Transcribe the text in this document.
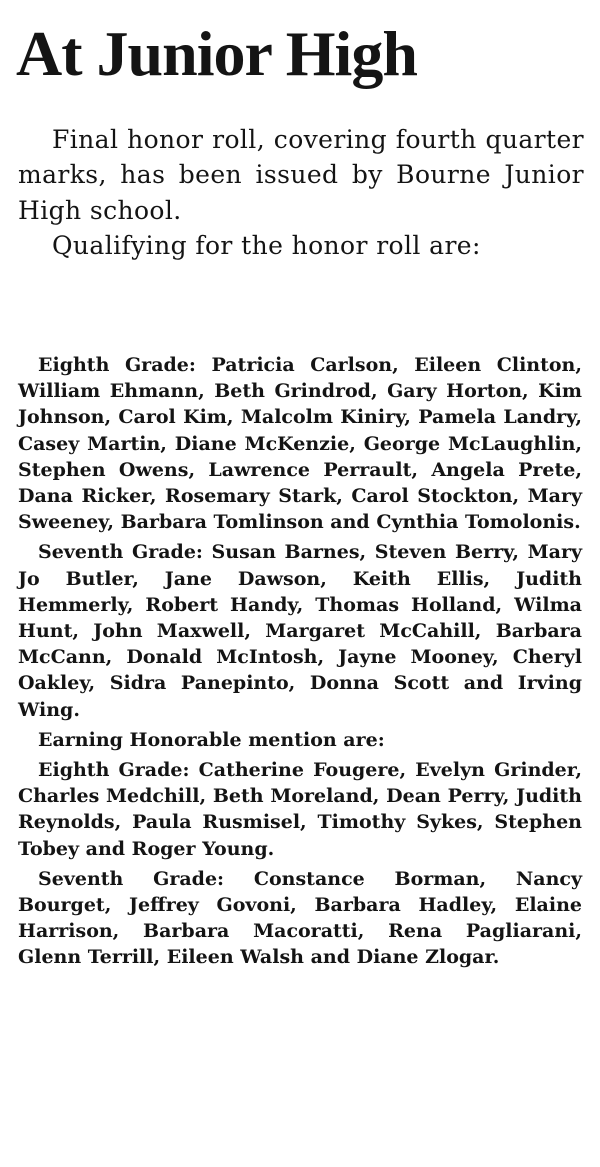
At Junior High

Final honor roll, covering fourth quarter marks, has been issued by Bourne Junior High school.

Qualifying for the honor roll are:

Eighth Grade: Patricia Carlson, Eileen Clinton, William Ehmann, Beth Grindrod, Gary Horton, Kim Johnson, Carol Kim, Malcolm Kiniry, Pamela Landry, Casey Martin, Diane McKenzie, George McLaughlin, Stephen Owens, Lawrence Perrault, Angela Prete, Dana Ricker, Rosemary Stark, Carol Stockton, Mary Sweeney, Barbara Tomlinson and Cynthia Tomolonis.

Seventh Grade: Susan Barnes, Steven Berry, Mary Jo Butler, Jane Dawson, Keith Ellis, Judith Hemmerly, Robert Handy, Thomas Holland, Wilma Hunt, John Maxwell, Margaret McCahill, Barbara McCann, Donald McIntosh, Jayne Mooney, Cheryl Oakley, Sidra Panepinto, Donna Scott and Irving Wing.

Earning Honorable mention are:

Eighth Grade: Catherine Fougere, Evelyn Grinder, Charles Medchill, Beth Moreland, Dean Perry, Judith Reynolds, Paula Rusmisel, Timothy Sykes, Stephen Tobey and Roger Young.

Seventh Grade: Constance Borman, Nancy Bourget, Jeffrey Govoni, Barbara Hadley, Elaine Harrison, Barbara Macoratti, Rena Pagliarani, Glenn Terrill, Eileen Walsh and Diane Zlogar.
